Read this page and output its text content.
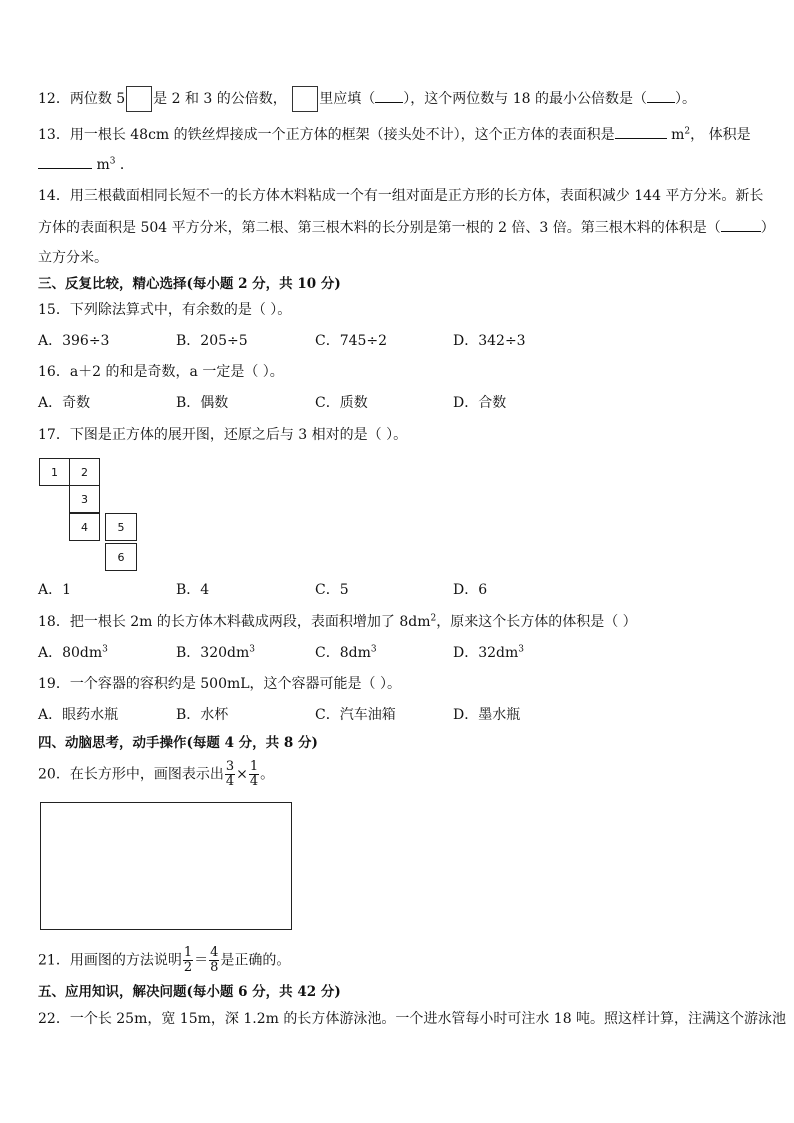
12．两位数 5 是 2 和 3 的公倍数， 里应填（ ），这个两位数与 18 的最小公倍数是（ ）。
13．用一根长 48cm 的铁丝焊接成一个正方体的框架（接头处不计），这个正方体的表面积是	$m^2$， 体积是
$m^3$ ．
14．用三根截面相同长短不一的长方体木料粘成一个有一组对面是正方形的长方体，表面积减少 144 平方分米。新长
方体的表面积是 504 平方分米，第二根、第三根木料的长分别是第一根的 2 倍、3 倍。第三根木料的体积是（	）
立方分米。
三、反复比较，精心选择(每小题 2 分，共 10 分)
15．下列除法算式中，有余数的是（ ）。
A．396÷3	B．205÷5	C．745÷2	D．342÷3
16．a＋2 的和是奇数，a 一定是（ ）。
A．奇数	B．偶数	C．质数	D．合数
17．下图是正方体的展开图，还原之后与 3 相对的是（ ）。
1	2
3
4	5
6
A．1	B．4	C．5	D．6
18．把一根长 2m 的长方体木料截成两段，表面积增加了 $8dm^2$，原来这个长方体的体积是（ ）
A．$80dm^3$	B．$320dm^3$	C．$8dm^3$	D．$32dm^3$
19．一个容器的容积约是 500mL，这个容器可能是（ ）。
A．眼药水瓶	B．水杯	C．汽车油箱	D．墨水瓶
四、动脑思考，动手操作(每题 4 分，共 8 分)
20．在长方形中，画图表示出 $\frac{3}{4} \times \frac{1}{4}$ 。
21．用画图的方法说明 $\frac{1}{2} = \frac{4}{8}$ 是正确的。
五、应用知识，解决问题(每小题 6 分，共 42 分)
22．一个长 25m，宽 15m，深 1.2m 的长方体游泳池。一个进水管每小时可注水 18 吨。照这样计算，注满这个游泳池
